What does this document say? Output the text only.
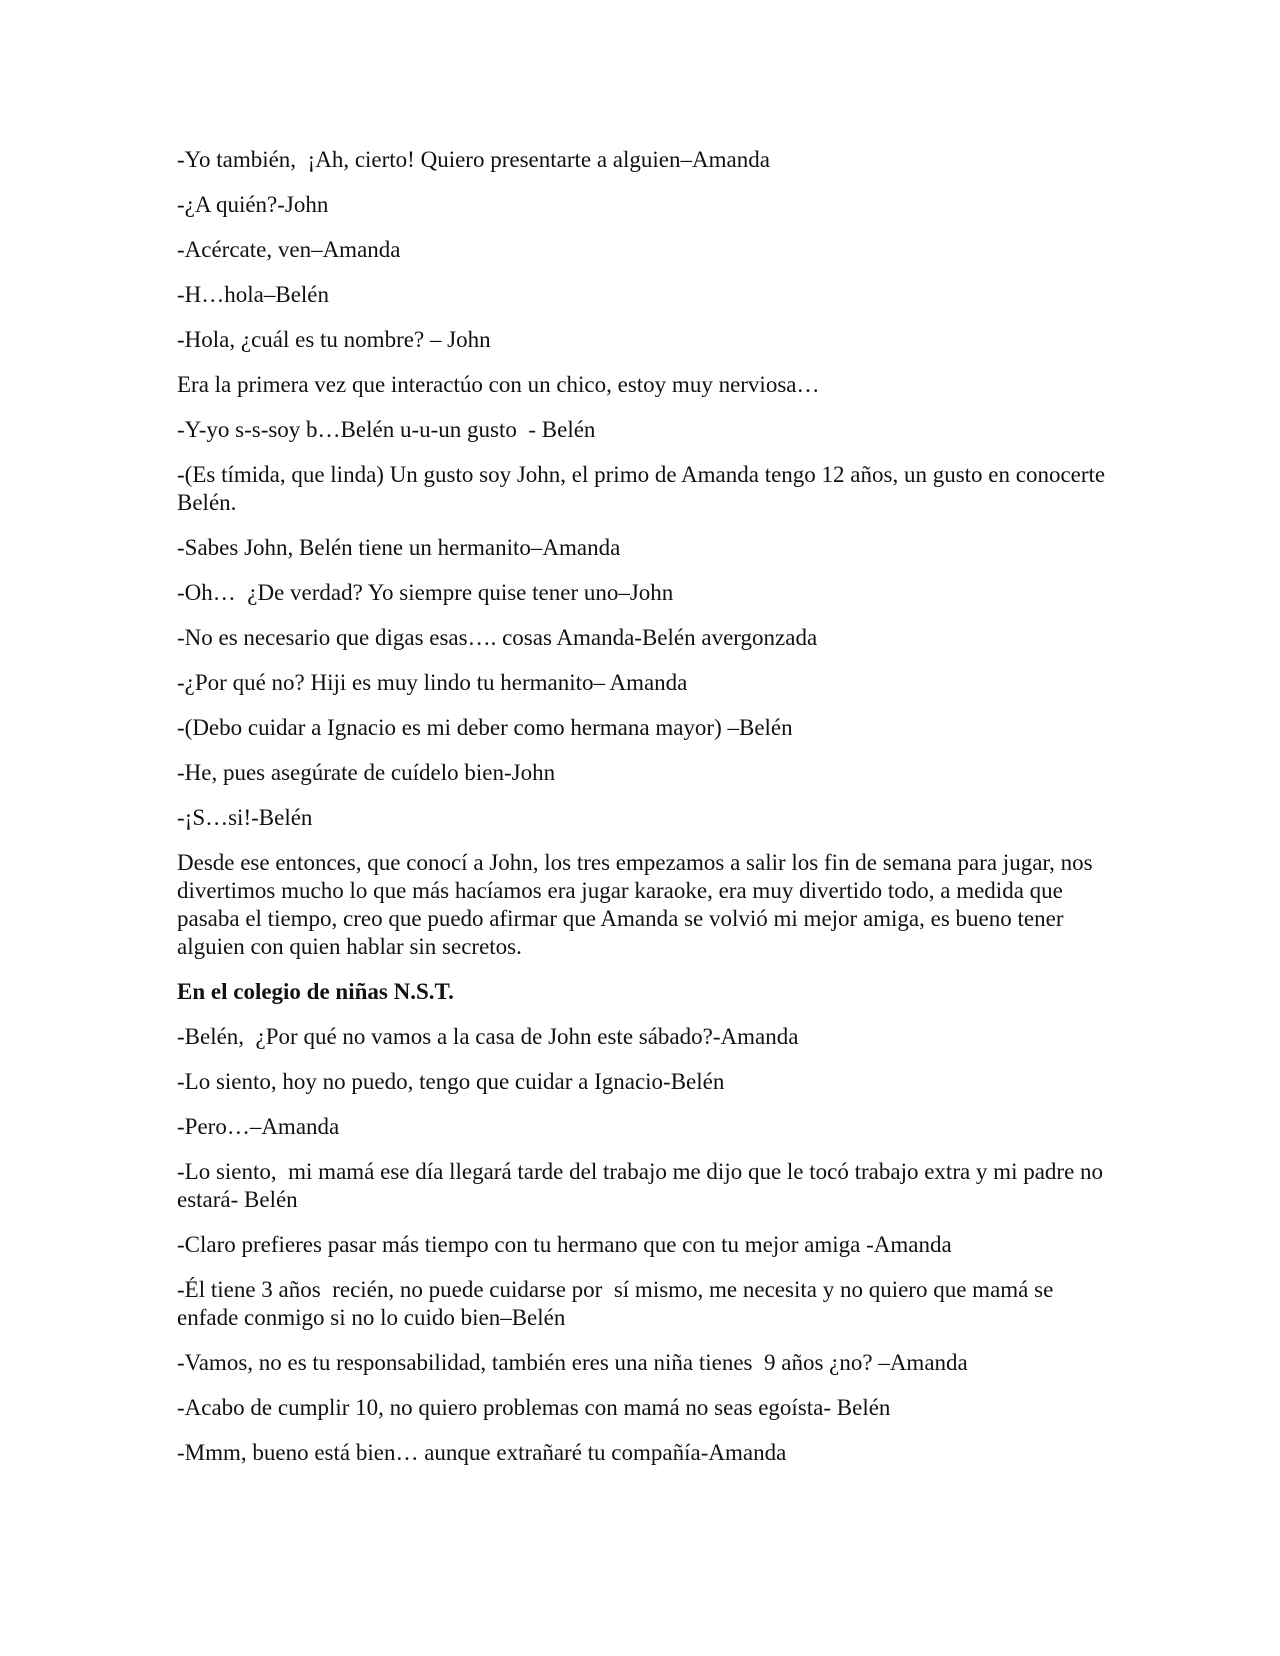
-Yo también,  ¡Ah, cierto! Quiero presentarte a alguien–Amanda

-¿A quién?-John

-Acércate, ven–Amanda

-H…hola–Belén

-Hola, ¿cuál es tu nombre? – John

Era la primera vez que interactúo con un chico, estoy muy nerviosa…

-Y-yo s-s-soy b…Belén u-u-un gusto  - Belén

-(Es tímida, que linda) Un gusto soy John, el primo de Amanda tengo 12 años, un gusto en conocerte Belén.

-Sabes John, Belén tiene un hermanito–Amanda

-Oh…  ¿De verdad? Yo siempre quise tener uno–John

-No es necesario que digas esas…. cosas Amanda-Belén avergonzada

-¿Por qué no? Hiji es muy lindo tu hermanito– Amanda

-(Debo cuidar a Ignacio es mi deber como hermana mayor) –Belén

-He, pues asegúrate de cuídelo bien-John

-¡S…si!-Belén

Desde ese entonces, que conocí a John, los tres empezamos a salir los fin de semana para jugar, nos divertimos mucho lo que más hacíamos era jugar karaoke, era muy divertido todo, a medida que pasaba el tiempo, creo que puedo afirmar que Amanda se volvió mi mejor amiga, es bueno tener alguien con quien hablar sin secretos.

En el colegio de niñas N.S.T.

-Belén,  ¿Por qué no vamos a la casa de John este sábado?-Amanda

-Lo siento, hoy no puedo, tengo que cuidar a Ignacio-Belén

-Pero…–Amanda

-Lo siento,  mi mamá ese día llegará tarde del trabajo me dijo que le tocó trabajo extra y mi padre no estará- Belén

-Claro prefieres pasar más tiempo con tu hermano que con tu mejor amiga -Amanda

-Él tiene 3 años  recién, no puede cuidarse por  sí mismo, me necesita y no quiero que mamá se enfade conmigo si no lo cuido bien–Belén

-Vamos, no es tu responsabilidad, también eres una niña tienes  9 años ¿no? –Amanda

-Acabo de cumplir 10, no quiero problemas con mamá no seas egoísta- Belén

-Mmm, bueno está bien… aunque extrañaré tu compañía-Amanda
